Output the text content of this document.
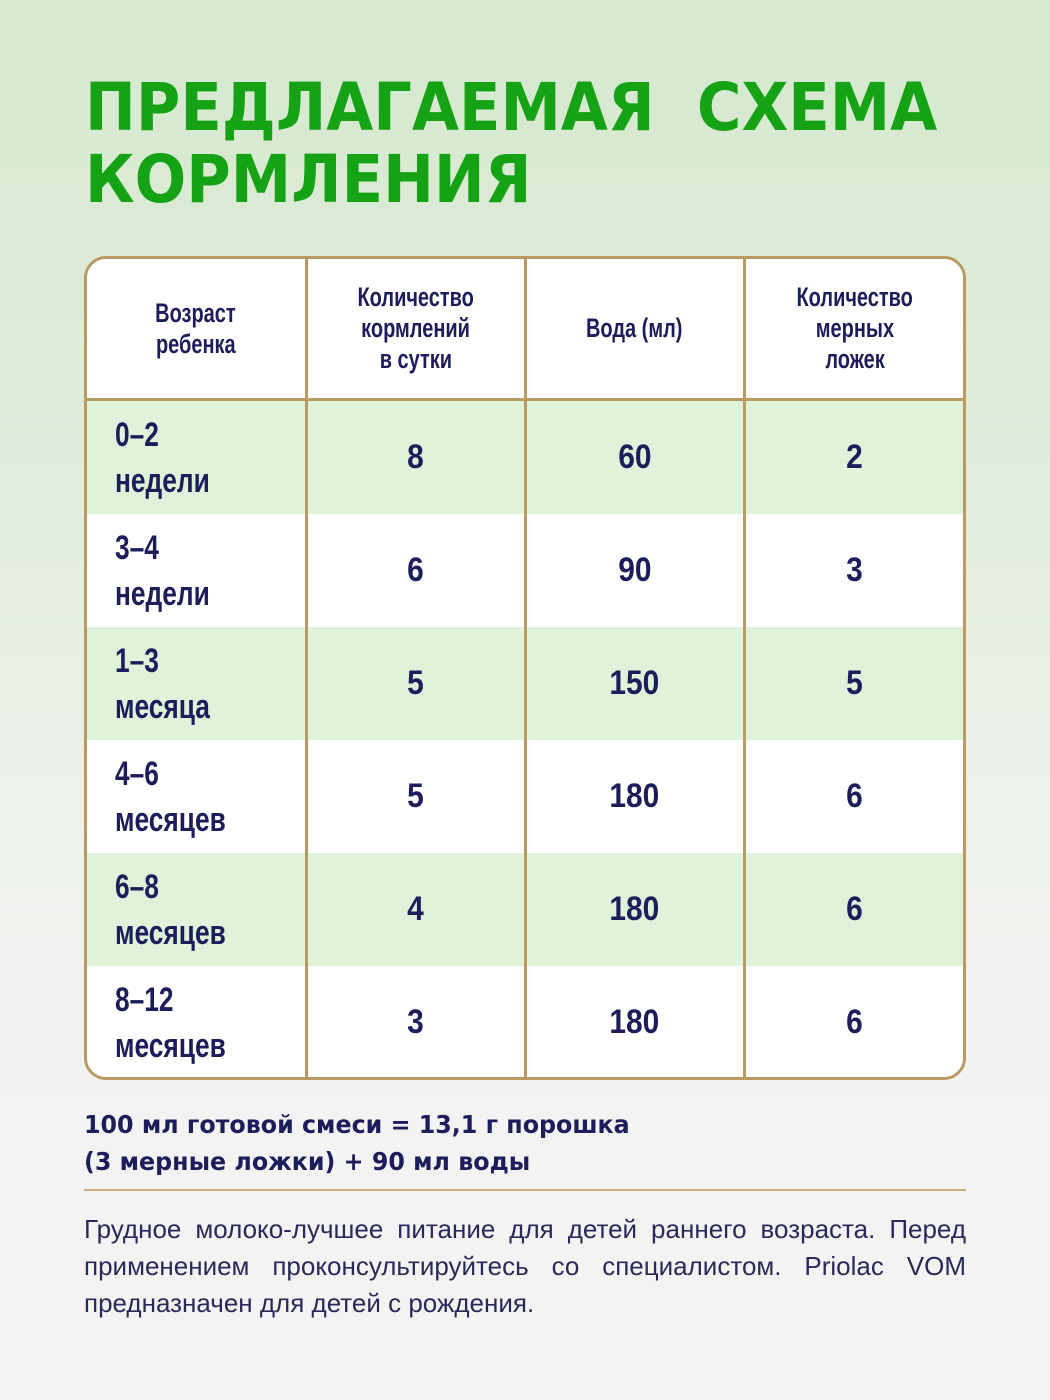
ПРЕДЛАГАЕМАЯ  СХЕМА
КОРМЛЕНИЯ
Возраст
ребенка	Количество
кормлений
в сутки	Вода (мл)	Количество
мерных
ложек
0–2
недели	8	60	2
3–4
недели	6	90	3
1–3
месяца	5	150	5
4–6
месяцев	5	180	6
6–8
месяцев	4	180	6
8–12
месяцев	3	180	6
100 мл готовой смеси = 13,1 г порошка
(3 мерные ложки) + 90 мл воды

Грудное молоко-лучшее питание для детей раннего возраста. Перед применением проконсультируйтесь со специалистом. Priolac VOM предназначен для детей с рождения.
